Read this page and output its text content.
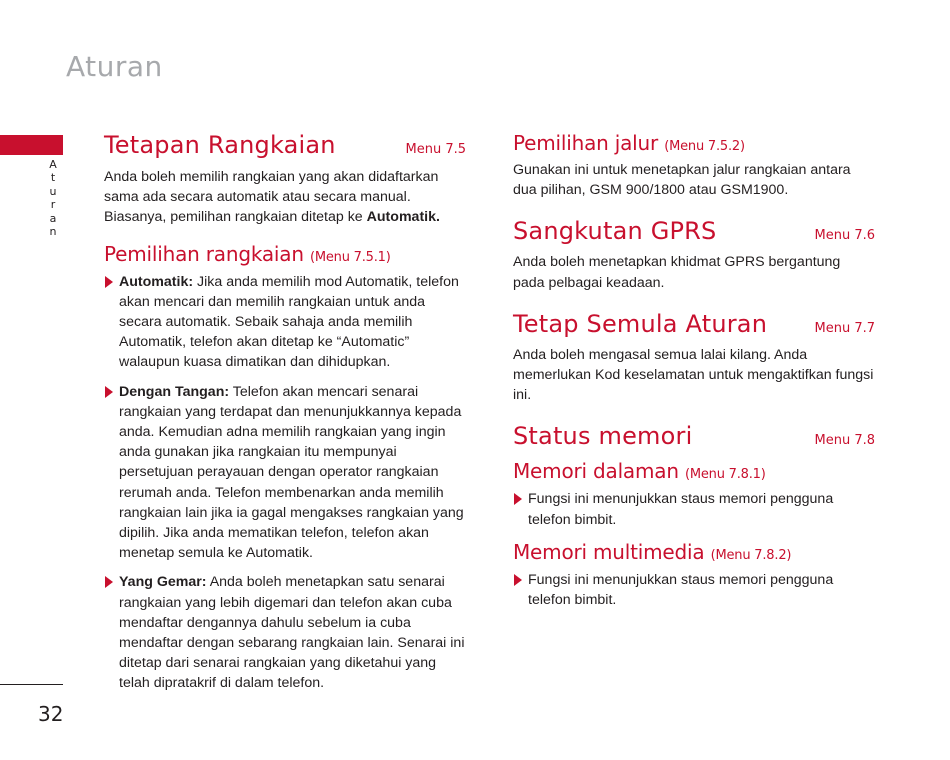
Aturan
A
t
u
r
a
n
32
Tetapan Rangkaian	Menu 7.5

Anda boleh memilih rangkaian yang akan didaftarkan sama ada secara automatik atau secara manual. Biasanya, pemilihan rangkaian ditetap ke Automatik.

Pemilihan rangkaian (Menu 7.5.1)
Automatik: Jika anda memilih mod Automatik, telefon akan mencari dan memilih rangkaian untuk anda secara automatik. Sebaik sahaja anda memilih Automatik, telefon akan ditetap ke “Automatic” walaupun kuasa dimatikan dan dihidupkan.
Dengan Tangan: Telefon akan mencari senarai rangkaian yang terdapat dan menunjukkannya kepada anda. Kemudian adna memilih rangkaian yang ingin anda gunakan jika rangkaian itu mempunyai persetujuan perayauan dengan operator rangkaian rerumah anda. Telefon membenarkan anda memilih rangkaian lain jika ia gagal mengakses rangkaian yang dipilih. Jika anda mematikan telefon, telefon akan menetap semula ke Automatik.
Yang Gemar: Anda boleh menetapkan satu senarai rangkaian yang lebih digemari dan telefon akan cuba mendaftar dengannya dahulu sebelum ia cuba mendaftar dengan sebarang rangkaian lain. Senarai ini ditetap dari senarai rangkaian yang diketahui yang telah dipratakrif di dalam telefon.
Pemilihan jalur (Menu 7.5.2)

Gunakan ini untuk menetapkan jalur rangkaian antara dua pilihan, GSM 900/1800 atau GSM1900.

Sangkutan GPRS	Menu 7.6

Anda boleh menetapkan khidmat GPRS bergantung pada pelbagai keadaan.

Tetap Semula Aturan	Menu 7.7

Anda boleh mengasal semua lalai kilang. Anda memerlukan Kod keselamatan untuk mengaktifkan fungsi ini.

Status memori	Menu 7.8
Memori dalaman (Menu 7.8.1)
Fungsi ini menunjukkan staus memori pengguna telefon bimbit.
Memori multimedia (Menu 7.8.2)
Fungsi ini menunjukkan staus memori pengguna telefon bimbit.
